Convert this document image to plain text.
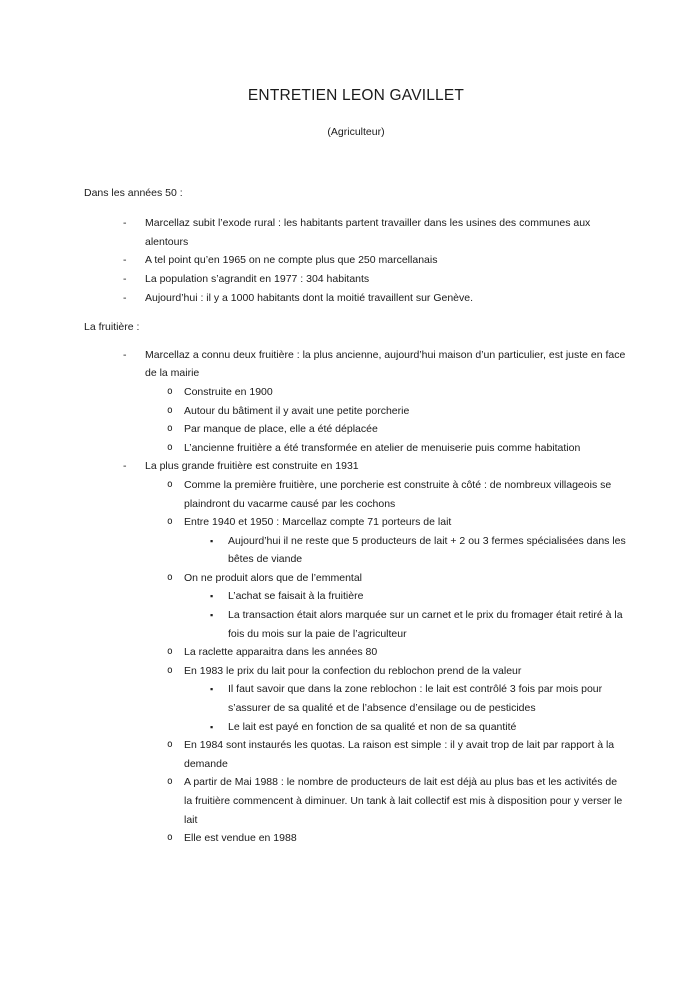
ENTRETIEN LEON GAVILLET
(Agriculteur)
Dans les années 50 :
- Marcellaz subit l’exode rural : les habitants partent travailler dans les usines des communes aux alentours
- A tel point qu’en 1965 on ne compte plus que 250 marcellanais
- La population s’agrandit en 1977 : 304 habitants
- Aujourd’hui : il y a 1000 habitants dont la moitié travaillent sur Genève.
La fruitière :
- Marcellaz a connu deux fruitière : la plus ancienne, aujourd’hui maison d’un particulier, est juste en face de la mairie
o Construite en 1900
o Autour du bâtiment il y avait une petite porcherie
o Par manque de place, elle a été déplacée
o L’ancienne fruitière a été transformée en atelier de menuiserie puis comme habitation
- La plus grande fruitière est construite en 1931
o Comme la première fruitière, une porcherie est construite à côté : de nombreux villageois se plaindront du vacarme causé par les cochons
o Entre 1940 et 1950 : Marcellaz compte 71 porteurs de lait
▪ Aujourd’hui il ne reste que 5 producteurs de lait + 2 ou 3 fermes spécialisées dans les bêtes de viande
o On ne produit alors que de l’emmental
▪ L’achat se faisait à la fruitière
▪ La transaction était alors marquée sur un carnet et le prix du fromager était retiré à la fois du mois sur la paie de l’agriculteur
o La raclette apparaitra dans les années 80
o En 1983 le prix du lait pour la confection du reblochon prend de la valeur
▪ Il faut savoir que dans la zone reblochon : le lait est contrôlé 3 fois par mois pour s’assurer de sa qualité et de l’absence d’ensilage ou de pesticides
▪ Le lait est payé en fonction de sa qualité et non de sa quantité
o En 1984 sont instaurés les quotas. La raison est simple : il y avait trop de lait par rapport à la demande
o A partir de Mai 1988 : le nombre de producteurs de lait est déjà au plus bas et les activités de la fruitière commencent à diminuer. Un tank à lait collectif est mis à disposition pour y verser le lait
o Elle est vendue en 1988
